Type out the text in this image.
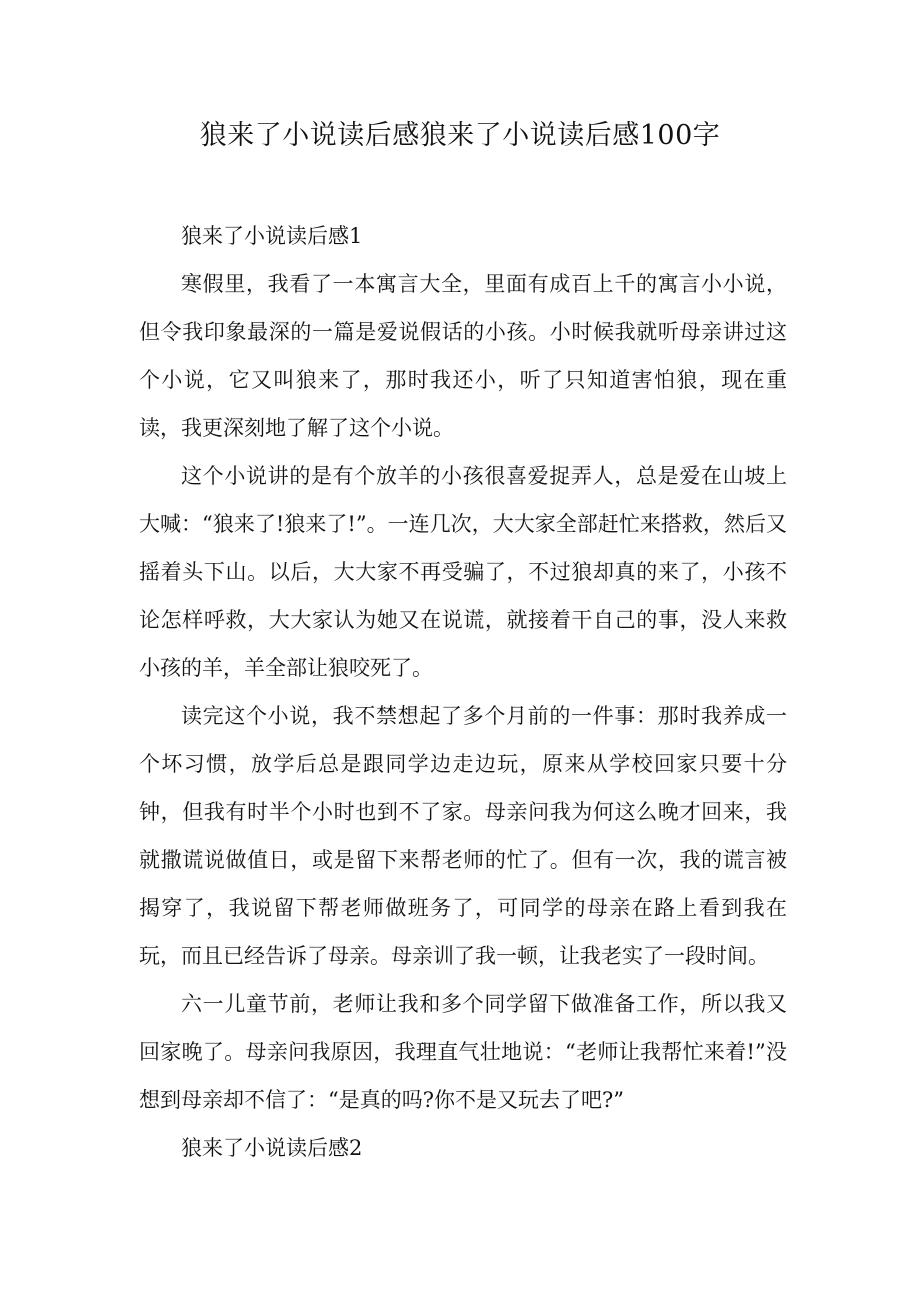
狼来了小说读后感狼来了小说读后感100字

狼来了小说读后感1

寒假里，我看了一本寓言大全，里面有成百上千的寓言小小说，但令我印象最深的一篇是爱说假话的小孩。小时候我就听母亲讲过这个小说，它又叫狼来了，那时我还小，听了只知道害怕狼，现在重读，我更深刻地了解了这个小说。

这个小说讲的是有个放羊的小孩很喜爱捉弄人，总是爱在山坡上大喊：“狼来了!狼来了!”。一连几次，大大家全部赶忙来搭救，然后又摇着头下山。以后，大大家不再受骗了，不过狼却真的来了，小孩不论怎样呼救，大大家认为她又在说谎，就接着干自己的事，没人来救小孩的羊，羊全部让狼咬死了。

读完这个小说，我不禁想起了多个月前的一件事：那时我养成一个坏习惯，放学后总是跟同学边走边玩，原来从学校回家只要十分钟，但我有时半个小时也到不了家。母亲问我为何这么晚才回来，我就撒谎说做值日，或是留下来帮老师的忙了。但有一次，我的谎言被揭穿了，我说留下帮老师做班务了，可同学的母亲在路上看到我在玩，而且已经告诉了母亲。母亲训了我一顿，让我老实了一段时间。

六一儿童节前，老师让我和多个同学留下做准备工作，所以我又回家晚了。母亲问我原因，我理直气壮地说：“老师让我帮忙来着!”没想到母亲却不信了：“是真的吗?你不是又玩去了吧?”

狼来了小说读后感2
